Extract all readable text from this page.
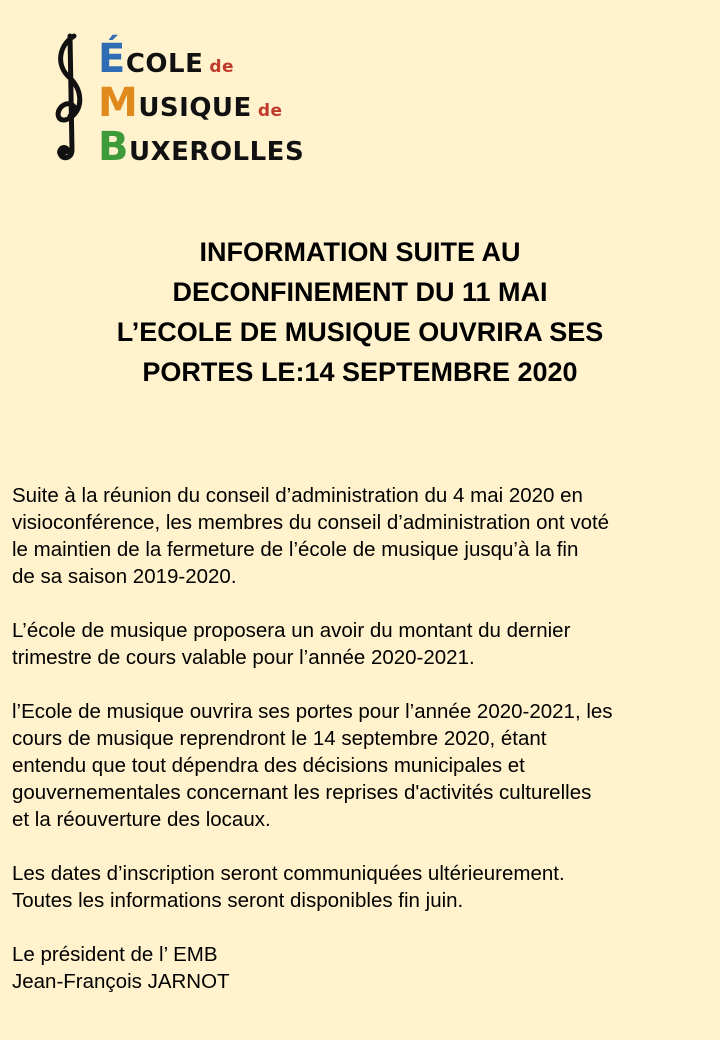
ÉCOLE de
MUSIQUE de
BUXEROLLES
INFORMATION SUITE AU
DECONFINEMENT DU 11 MAI
L’ECOLE DE MUSIQUE OUVRIRA SES
PORTES LE:14 SEPTEMBRE 2020

Suite à la réunion du conseil d’administration du 4 mai 2020 en
visioconférence, les membres du conseil d’administration ont voté
le maintien de la fermeture de l’école de musique jusqu’à la fin
de sa saison 2019-2020.

L’école de musique proposera un avoir du montant du dernier
trimestre de cours valable pour l’année 2020-2021.

l’Ecole de musique ouvrira ses portes pour l’année 2020-2021, les
cours de musique reprendront le 14 septembre 2020, étant
entendu que tout dépendra des décisions municipales et
gouvernementales concernant les reprises d'activités culturelles
et la réouverture des locaux.

Les dates d’inscription seront communiquées ultérieurement.
Toutes les informations seront disponibles fin juin.

Le président de l’ EMB
Jean-François JARNOT
